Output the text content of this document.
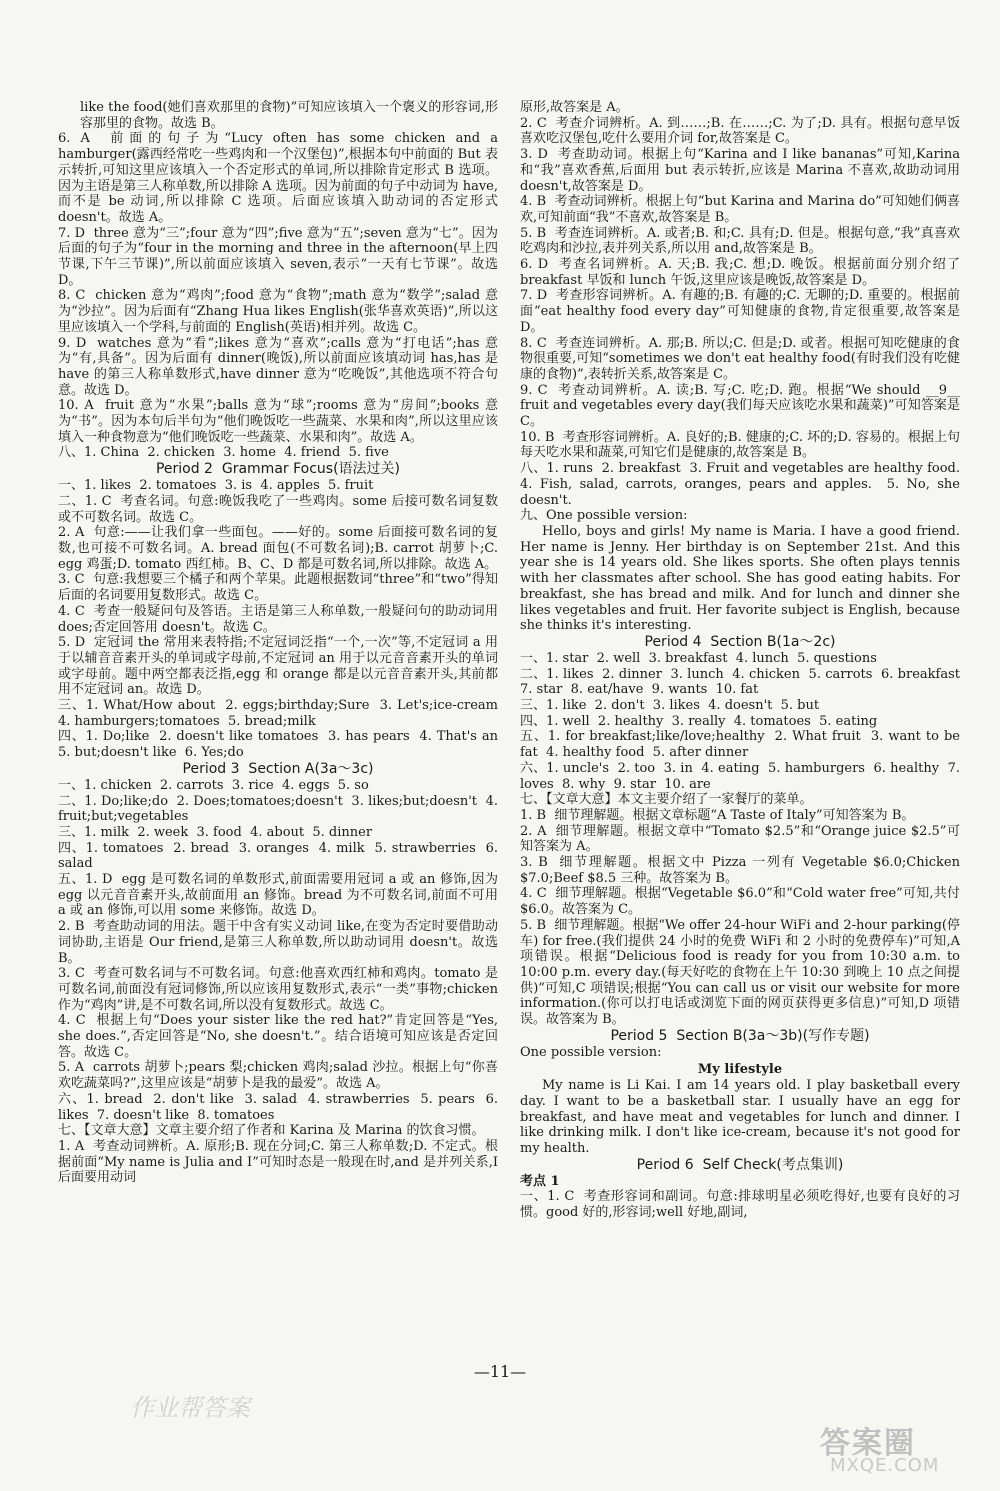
like the food(她们喜欢那里的食物)”可知应该填入一个褒义的形容词,形容那里的食物。故选 B。

6. A  前面的句子为“Lucy often has some chicken and a hamburger(露西经常吃一些鸡肉和一个汉堡包)”,根据本句中前面的 But 表示转折,可知这里应该填入一个否定形式的单词,所以排除肯定形式 B 选项。因为主语是第三人称单数,所以排除 A 选项。因为前面的句子中动词为 have,而不是 be 动词,所以排除 C 选项。后面应该填入助动词的否定形式 doesn't。故选 A。

7. D  three 意为“三”;four 意为“四”;five 意为“五”;seven 意为“七”。因为后面的句子为“four in the morning and three in the afternoon(早上四节课,下午三节课)”,所以前面应该填入 seven,表示“一天有七节课”。故选 D。

8. C  chicken 意为“鸡肉”;food 意为“食物”;math 意为“数学”;salad 意为“沙拉”。因为后面有“Zhang Hua likes English(张华喜欢英语)”,所以这里应该填入一个学科,与前面的 English(英语)相并列。故选 C。

9. D  watches 意为“看”;likes 意为“喜欢”;calls 意为“打电话”;has 意为“有,具备”。因为后面有 dinner(晚饭),所以前面应该填动词 has,has 是 have 的第三人称单数形式,have dinner 意为“吃晚饭”,其他选项不符合句意。故选 D。

10. A  fruit 意为“水果”;balls 意为“球”;rooms 意为“房间”;books 意为“书”。因为本句后半句为“他们晚饭吃一些蔬菜、水果和肉”,所以这里应该填入一种食物意为“他们晚饭吃一些蔬菜、水果和肉”。故选 A。

八、1. China  2. chicken  3. home  4. friend  5. five

Period 2  Grammar Focus(语法过关)

一、1. likes  2. tomatoes  3. is  4. apples  5. fruit

二、1. C  考查名词。句意:晚饭我吃了一些鸡肉。some 后接可数名词复数或不可数名词。故选 C。

2. A  句意:——让我们拿一些面包。——好的。some 后面接可数名词的复数,也可接不可数名词。A. bread 面包(不可数名词);B. carrot 胡萝卜;C. egg 鸡蛋;D. tomato 西红柿。B、C、D 都是可数名词,所以排除。故选 A。

3. C  句意:我想要三个橘子和两个苹果。此题根据数词“three”和“two”得知后面的名词要用复数形式。故选 C。

4. C  考查一般疑问句及答语。主语是第三人称单数,一般疑问句的助动词用 does;否定回答用 doesn't。故选 C。

5. D  定冠词 the 常用来表特指;不定冠词泛指“一个,一次”等,不定冠词 a 用于以辅音音素开头的单词或字母前,不定冠词 an 用于以元音音素开头的单词或字母前。题中两空都表泛指,egg 和 orange 都是以元音音素开头,其前都用不定冠词 an。故选 D。

三、1. What/How about  2. eggs;birthday;Sure  3. Let's;ice-cream  4. hamburgers;tomatoes  5. bread;milk

四、1. Do;like  2. doesn't like tomatoes  3. has pears  4. That's an  5. but;doesn't like  6. Yes;do

Period 3  Section A(3a～3c)

一、1. chicken  2. carrots  3. rice  4. eggs  5. so

二、1. Do;like;do  2. Does;tomatoes;doesn't  3. likes;but;doesn't  4. fruit;but;vegetables

三、1. milk  2. week  3. food  4. about  5. dinner

四、1. tomatoes  2. bread  3. oranges  4. milk  5. strawberries  6. salad

五、1. D  egg 是可数名词的单数形式,前面需要用冠词 a 或 an 修饰,因为 egg 以元音音素开头,故前面用 an 修饰。bread 为不可数名词,前面不可用 a 或 an 修饰,可以用 some 来修饰。故选 D。

2. B  考查助动词的用法。题干中含有实义动词 like,在变为否定时要借助动词协助,主语是 Our friend,是第三人称单数,所以助动词用 doesn't。故选 B。

3. C  考查可数名词与不可数名词。句意:他喜欢西红柿和鸡肉。tomato 是可数名词,前面没有冠词修饰,所以应该用复数形式,表示“一类”事物;chicken 作为“鸡肉”讲,是不可数名词,所以没有复数形式。故选 C。

4. C  根据上句“Does your sister like the red hat?”肯定回答是“Yes, she does.”,否定回答是“No, she doesn't.”。结合语境可知应该是否定回答。故选 C。

5. A  carrots 胡萝卜;pears 梨;chicken 鸡肉;salad 沙拉。根据上句“你喜欢吃蔬菜吗?”,这里应该是“胡萝卜是我的最爱”。故选 A。

六、1. bread  2. don't like  3. salad  4. strawberries  5. pears  6. likes  7. doesn't like  8. tomatoes

七、【文章大意】文章主要介绍了作者和 Karina 及 Marina 的饮食习惯。

1. A  考查动词辨析。A. 原形;B. 现在分词;C. 第三人称单数;D. 不定式。根据前面“My name is Julia and I”可知时态是一般现在时,and 是并列关系,I 后面要用动词

原形,故答案是 A。

2. C  考查介词辨析。A. 到……;B. 在……;C. 为了;D. 具有。根据句意早饭喜欢吃汉堡包,吃什么要用介词 for,故答案是 C。

3. D  考查助动词。根据上句“Karina and I like bananas”可知,Karina 和“我”喜欢香蕉,后面用 but 表示转折,应该是 Marina 不喜欢,故助动词用 doesn't,故答案是 D。

4. B  考查动词辨析。根据上句“but Karina and Marina do”可知她们俩喜欢,可知前面“我”不喜欢,故答案是 B。

5. B  考查连词辨析。A. 或者;B. 和;C. 具有;D. 但是。根据句意,“我”真喜欢吃鸡肉和沙拉,表并列关系,所以用 and,故答案是 B。

6. D  考查名词辨析。A. 天;B. 我;C. 想;D. 晚饭。根据前面分别介绍了 breakfast 早饭和 lunch 午饭,这里应该是晚饭,故答案是 D。

7. D  考查形容词辨析。A. 有趣的;B. 有趣的;C. 无聊的;D. 重要的。根据前面“eat healthy food every day”可知健康的食物,肯定很重要,故答案是 D。

8. C  考查连词辨析。A. 那;B. 所以;C. 但是;D. 或者。根据可知吃健康的食物很重要,可知“sometimes we don't eat healthy food(有时我们没有吃健康的食物)”,表转折关系,故答案是 C。

9. C  考查动词辨析。A. 读;B. 写;C. 吃;D. 跑。根据“We should __9__ fruit and vegetables every day(我们每天应该吃水果和蔬菜)”可知答案是 C。

10. B  考查形容词辨析。A. 良好的;B. 健康的;C. 坏的;D. 容易的。根据上句每天吃水果和蔬菜,可知它们是健康的,故答案是 B。

八、1. runs  2. breakfast  3. Fruit and vegetables are healthy food.  4. Fish, salad, carrots, oranges, pears and apples.  5. No, she doesn't.

九、One possible version:

Hello, boys and girls! My name is Maria. I have a good friend. Her name is Jenny. Her birthday is on September 21st. And this year she is 14 years old. She likes sports. She often plays tennis with her classmates after school. She has good eating habits. For breakfast, she has bread and milk. And for lunch and dinner she likes vegetables and fruit. Her favorite subject is English, because she thinks it's interesting.

Period 4  Section B(1a～2c)

一、1. star  2. well  3. breakfast  4. lunch  5. questions

二、1. likes  2. dinner  3. lunch  4. chicken  5. carrots  6. breakfast  7. star  8. eat/have  9. wants  10. fat

三、1. like  2. don't  3. likes  4. doesn't  5. but

四、1. well  2. healthy  3. really  4. tomatoes  5. eating

五、1. for breakfast;like/love;healthy  2. What fruit  3. want to be fat  4. healthy food  5. after dinner

六、1. uncle's  2. too  3. in  4. eating  5. hamburgers  6. healthy  7. loves  8. why  9. star  10. are

七、【文章大意】本文主要介绍了一家餐厅的菜单。

1. B  细节理解题。根据文章标题“A Taste of Italy”可知答案为 B。

2. A  细节理解题。根据文章中“Tomato $2.5”和“Orange juice $2.5”可知答案为 A。

3. B  细节理解题。根据文中 Pizza 一列有 Vegetable $6.0;Chicken $7.0;Beef $8.5 三种。故答案为 B。

4. C  细节理解题。根据“Vegetable $6.0”和“Cold water free”可知,共付 $6.0。故答案为 C。

5. B  细节理解题。根据“We offer 24-hour WiFi and 2-hour parking(停车) for free.(我们提供 24 小时的免费 WiFi 和 2 小时的免费停车)”可知,A 项错误。根据“Delicious food is ready for you from 10:30 a.m. to 10:00 p.m. every day.(每天好吃的食物在上午 10:30 到晚上 10 点之间提供)”可知,C 项错误;根据“You can call us or visit our website for more information.(你可以打电话或浏览下面的网页获得更多信息)”可知,D 项错误。故答案为 B。

Period 5  Section B(3a～3b)(写作专题)

One possible version:

My lifestyle

My name is Li Kai. I am 14 years old. I play basketball every day. I want to be a basketball star. I usually have an egg for breakfast, and have meat and vegetables for lunch and dinner. I like drinking milk. I don't like ice-cream, because it's not good for my health.

Period 6  Self Check(考点集训)

考点 1

一、1. C  考查形容词和副词。句意:排球明星必须吃得好,也要有良好的习惯。good 好的,形容词;well 好地,副词,

—11—
作业帮答案
答案圈
MXQE.COM
